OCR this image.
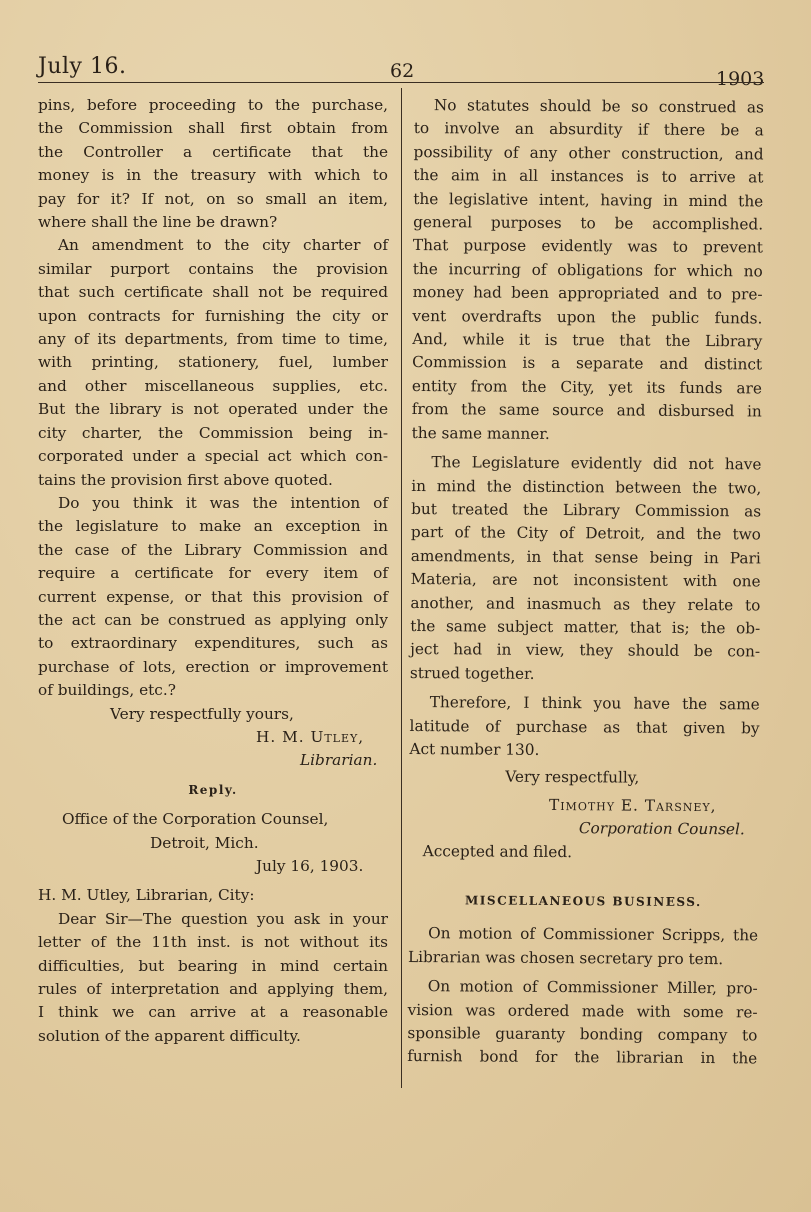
July 16.	62	1903
pins, before proceeding to the purchase,
the Commission shall first obtain from
the Controller a certificate that the
money is in the treasury with which to
pay for it? If not, on so small an item,
where shall the line be drawn?
An amendment to the city charter of
similar purport contains the provision
that such certificate shall not be required
upon contracts for furnishing the city or
any of its departments, from time to time,
with printing, stationery, fuel, lumber
and other miscellaneous supplies, etc.
But the library is not operated under the
city charter, the Commission being in-
corporated under a special act which con-
tains the provision first above quoted.
Do you think it was the intention of
the legislature to make an exception in
the case of the Library Commission and
require a certificate for every item of
current expense, or that this provision of
the act can be construed as applying only
to extraordinary expenditures, such as
purchase of lots, erection or improvement
of buildings, etc.?
Very respectfully yours,
H. M. Utley,
Librarian.
Reply.
Office of the Corporation Counsel,
Detroit, Mich.
July 16, 1903.
H. M. Utley, Librarian, City:
Dear Sir—The question you ask in your
letter of the 11th inst. is not without its
difficulties, but bearing in mind certain
rules of interpretation and applying them,
I think we can arrive at a reasonable
solution of the apparent difficulty.
No statutes should be so construed as
to involve an absurdity if there be a
possibility of any other construction, and
the aim in all instances is to arrive at
the legislative intent, having in mind the
general purposes to be accomplished.
That purpose evidently was to prevent
the incurring of obligations for which no
money had been appropriated and to pre-
vent overdrafts upon the public funds.
And, while it is true that the Library
Commission is a separate and distinct
entity from the City, yet its funds are
from the same source and disbursed in
the same manner.
The Legislature evidently did not have
in mind the distinction between the two,
but treated the Library Commission as
part of the City of Detroit, and the two
amendments, in that sense being in Pari
Materia, are not inconsistent with one
another, and inasmuch as they relate to
the same subject matter, that is; the ob-
ject had in view, they should be con-
strued together.
Therefore, I think you have the same
latitude of purchase as that given by
Act number 130.
Very respectfully,
Timothy E. Tarsney,
Corporation Counsel.
Accepted and filed.
MISCELLANEOUS BUSINESS.
On motion of Commissioner Scripps, the
Librarian was chosen secretary pro tem.
On motion of Commissioner Miller, pro-
vision was ordered made with some re-
sponsible guaranty bonding company to
furnish bond for the librarian in the
